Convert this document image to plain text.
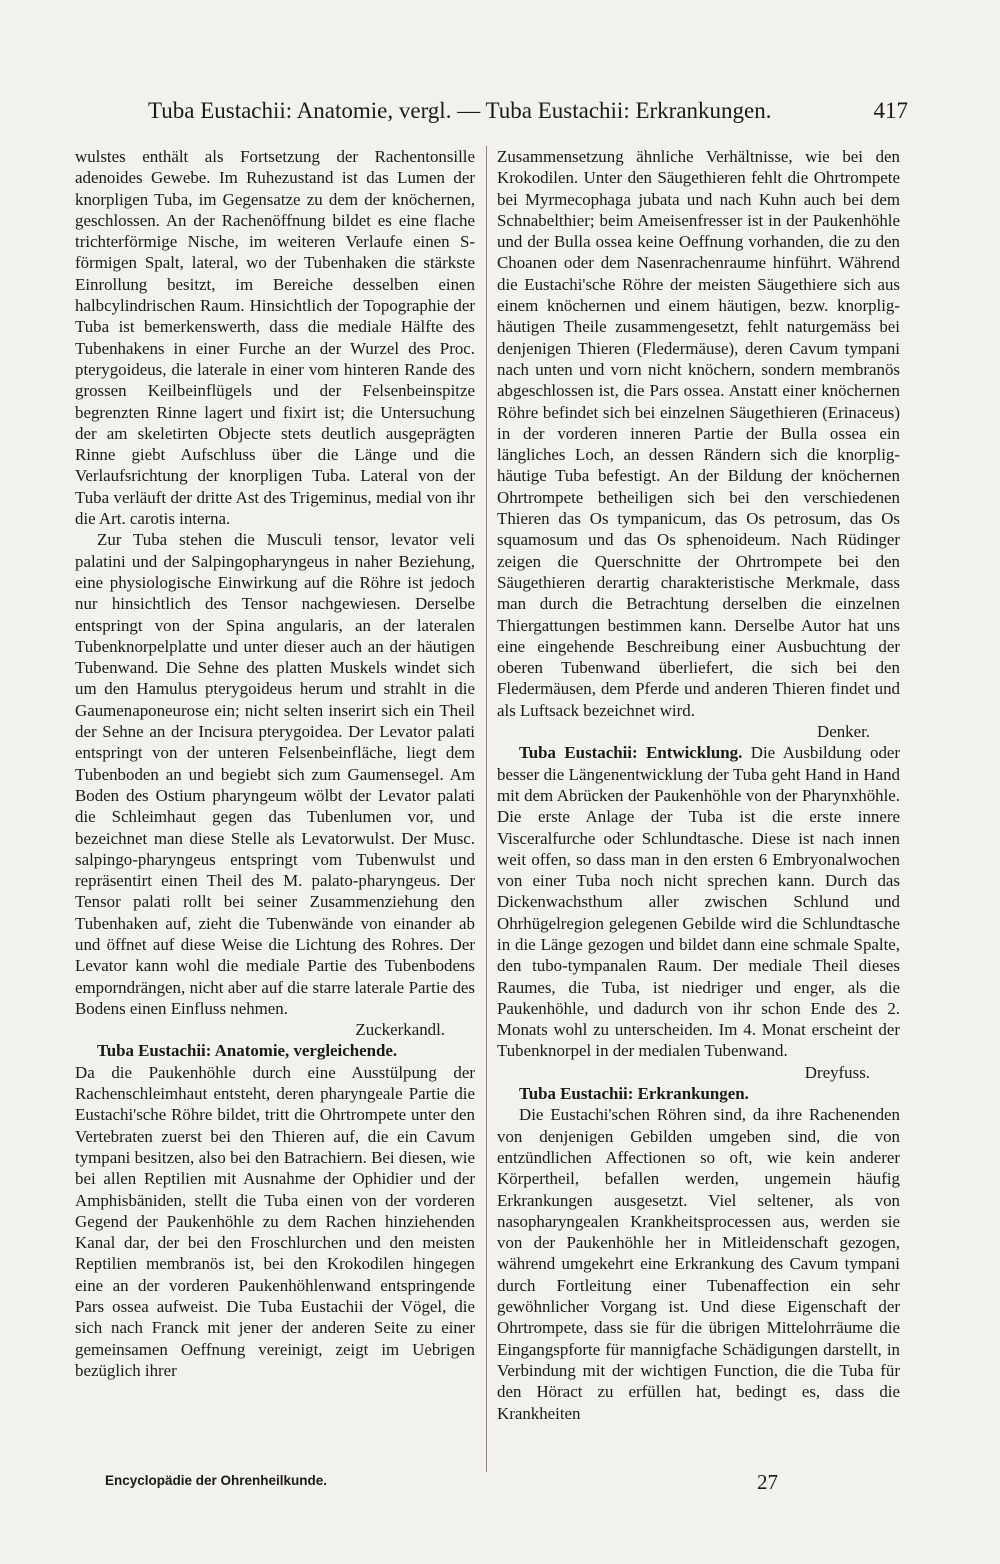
Tuba Eustachii: Anatomie, vergl. — Tuba Eustachii: Erkrankungen.	417

wulstes enthält als Fortsetzung der Rachentonsille adenoides Gewebe. Im Ruhezustand ist das Lumen der knorpligen Tuba, im Gegensatze zu dem der knöchernen, geschlossen. An der Rachenöffnung bildet es eine flache trichterförmige Nische, im weiteren Verlaufe einen S-förmigen Spalt, lateral, wo der Tubenhaken die stärkste Einrollung besitzt, im Bereiche desselben einen halbcylindrischen Raum. Hinsichtlich der Topographie der Tuba ist bemerkenswerth, dass die mediale Hälfte des Tubenhakens in einer Furche an der Wurzel des Proc. pterygoideus, die laterale in einer vom hinteren Rande des grossen Keilbeinflügels und der Felsenbeinspitze begrenzten Rinne lagert und fixirt ist; die Untersuchung der am skeletirten Objecte stets deutlich ausgeprägten Rinne giebt Aufschluss über die Länge und die Verlaufsrichtung der knorpligen Tuba. Lateral von der Tuba verläuft der dritte Ast des Trigeminus, medial von ihr die Art. carotis interna.

Zur Tuba stehen die Musculi tensor, levator veli palatini und der Salpingopharyngeus in naher Beziehung, eine physiologische Einwirkung auf die Röhre ist jedoch nur hinsichtlich des Tensor nachgewiesen. Derselbe entspringt von der Spina angularis, an der lateralen Tubenknorpelplatte und unter dieser auch an der häutigen Tubenwand. Die Sehne des platten Muskels windet sich um den Hamulus pterygoideus herum und strahlt in die Gaumenaponeurose ein; nicht selten inserirt sich ein Theil der Sehne an der Incisura pterygoidea. Der Levator palati entspringt von der unteren Felsenbeinfläche, liegt dem Tubenboden an und begiebt sich zum Gaumensegel. Am Boden des Ostium pharyngeum wölbt der Levator palati die Schleimhaut gegen das Tubenlumen vor, und bezeichnet man diese Stelle als Levatorwulst. Der Musc. salpingo-pharyngeus entspringt vom Tubenwulst und repräsentirt einen Theil des M. palato-pharyngeus. Der Tensor palati rollt bei seiner Zusammenziehung den Tubenhaken auf, zieht die Tubenwände von einander ab und öffnet auf diese Weise die Lichtung des Rohres. Der Levator kann wohl die mediale Partie des Tubenbodens emporndrängen, nicht aber auf die starre laterale Partie des Bodens einen Einfluss nehmen.

Zuckerkandl.

Tuba Eustachii: Anatomie, vergleichende.

Da die Paukenhöhle durch eine Ausstülpung der Rachenschleimhaut entsteht, deren pharyngeale Partie die Eustachi'sche Röhre bildet, tritt die Ohrtrompete unter den Vertebraten zuerst bei den Thieren auf, die ein Cavum tympani besitzen, also bei den Batrachiern. Bei diesen, wie bei allen Reptilien mit Ausnahme der Ophidier und der Amphisbäniden, stellt die Tuba einen von der vorderen Gegend der Paukenhöhle zu dem Rachen hinziehenden Kanal dar, der bei den Froschlurchen und den meisten Reptilien membranös ist, bei den Krokodilen hingegen eine an der vorderen Paukenhöhlenwand entspringende Pars ossea aufweist. Die Tuba Eustachii der Vögel, die sich nach Franck mit jener der anderen Seite zu einer gemeinsamen Oeffnung vereinigt, zeigt im Uebrigen bezüglich ihrer

Zusammensetzung ähnliche Verhältnisse, wie bei den Krokodilen. Unter den Säugethieren fehlt die Ohrtrompete bei Myrmecophaga jubata und nach Kuhn auch bei dem Schnabelthier; beim Ameisenfresser ist in der Paukenhöhle und der Bulla ossea keine Oeffnung vorhanden, die zu den Choanen oder dem Nasenrachenraume hinführt. Während die Eustachi'sche Röhre der meisten Säugethiere sich aus einem knöchernen und einem häutigen, bezw. knorplig-häutigen Theile zusammengesetzt, fehlt naturgemäss bei denjenigen Thieren (Fledermäuse), deren Cavum tympani nach unten und vorn nicht knöchern, sondern membranös abgeschlossen ist, die Pars ossea. Anstatt einer knöchernen Röhre befindet sich bei einzelnen Säugethieren (Erinaceus) in der vorderen inneren Partie der Bulla ossea ein längliches Loch, an dessen Rändern sich die knorplig-häutige Tuba befestigt. An der Bildung der knöchernen Ohrtrompete betheiligen sich bei den verschiedenen Thieren das Os tympanicum, das Os petrosum, das Os squamosum und das Os sphenoideum. Nach Rüdinger zeigen die Querschnitte der Ohrtrompete bei den Säugethieren derartig charakteristische Merkmale, dass man durch die Betrachtung derselben die einzelnen Thiergattungen bestimmen kann. Derselbe Autor hat uns eine eingehende Beschreibung einer Ausbuchtung der oberen Tubenwand überliefert, die sich bei den Fledermäusen, dem Pferde und anderen Thieren findet und als Luftsack bezeichnet wird.

Denker.

Tuba Eustachii: Entwicklung. Die Ausbildung oder besser die Längenentwicklung der Tuba geht Hand in Hand mit dem Abrücken der Paukenhöhle von der Pharynxhöhle. Die erste Anlage der Tuba ist die erste innere Visceralfurche oder Schlundtasche. Diese ist nach innen weit offen, so dass man in den ersten 6 Embryonalwochen von einer Tuba noch nicht sprechen kann. Durch das Dickenwachsthum aller zwischen Schlund und Ohrhügelregion gelegenen Gebilde wird die Schlundtasche in die Länge gezogen und bildet dann eine schmale Spalte, den tubo-tympanalen Raum. Der mediale Theil dieses Raumes, die Tuba, ist niedriger und enger, als die Paukenhöhle, und dadurch von ihr schon Ende des 2. Monats wohl zu unterscheiden. Im 4. Monat erscheint der Tubenknorpel in der medialen Tubenwand.

Dreyfuss.

Tuba Eustachii: Erkrankungen.

Die Eustachi'schen Röhren sind, da ihre Rachenenden von denjenigen Gebilden umgeben sind, die von entzündlichen Affectionen so oft, wie kein anderer Körpertheil, befallen werden, ungemein häufig Erkrankungen ausgesetzt. Viel seltener, als von nasopharyngealen Krankheitsprocessen aus, werden sie von der Paukenhöhle her in Mitleidenschaft gezogen, während umgekehrt eine Erkrankung des Cavum tympani durch Fortleitung einer Tubenaffection ein sehr gewöhnlicher Vorgang ist. Und diese Eigenschaft der Ohrtrompete, dass sie für die übrigen Mittelohrräume die Eingangspforte für mannigfache Schädigungen darstellt, in Verbindung mit der wichtigen Function, die die Tuba für den Höract zu erfüllen hat, bedingt es, dass die Krankheiten

Encyclopädie der Ohrenheilkunde.	27
